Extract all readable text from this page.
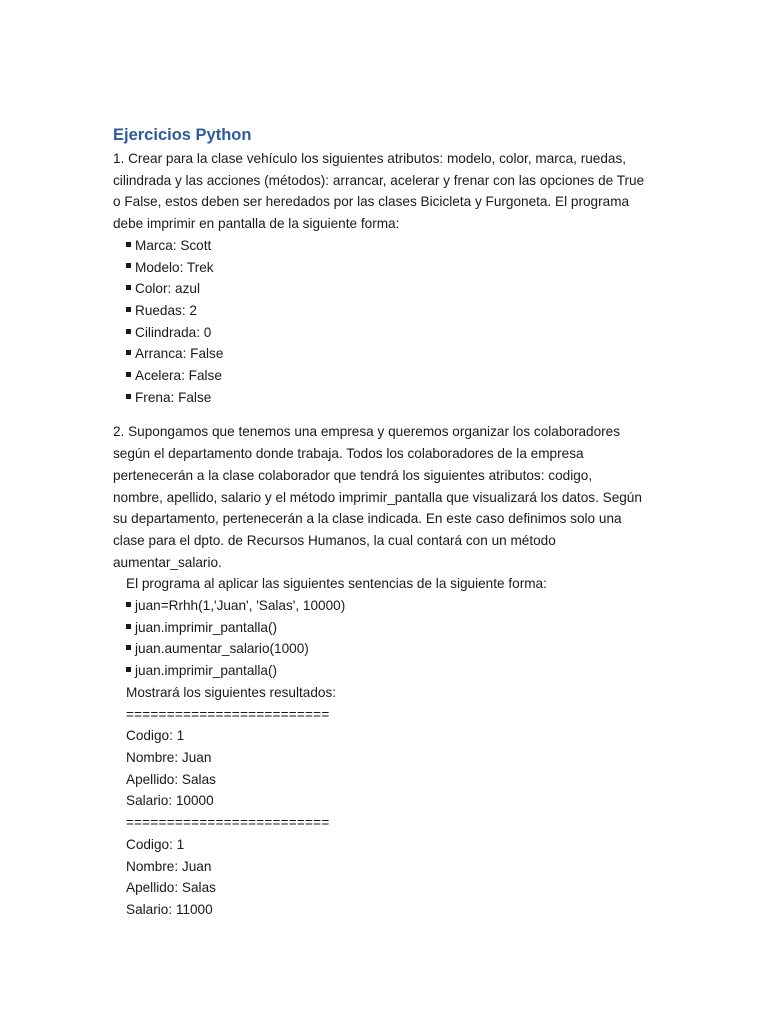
Ejercicios Python
1. Crear para la clase vehículo los siguientes atributos: modelo, color, marca, ruedas,
cilindrada y las acciones (métodos): arrancar, acelerar y frenar con las opciones de True
o False, estos deben ser heredados por las clases Bicicleta y Furgoneta. El programa
debe imprimir en pantalla de la siguiente forma:
Marca: Scott
Modelo: Trek
Color: azul
Ruedas: 2
Cilindrada: 0
Arranca: False
Acelera: False
Frena: False
2. Supongamos que tenemos una empresa y queremos organizar los colaboradores
según el departamento donde trabaja. Todos los colaboradores de la empresa
pertenecerán a la clase colaborador que tendrá los siguientes atributos: codigo,
nombre, apellido, salario y el método imprimir_pantalla que visualizará los datos. Según
su departamento, pertenecerán a la clase indicada. En este caso definimos solo una
clase para el dpto. de Recursos Humanos, la cual contará con un método
aumentar_salario.
El programa al aplicar las siguientes sentencias de la siguiente forma:
juan=Rrhh(1,'Juan', 'Salas', 10000)
juan.imprimir_pantalla()
juan.aumentar_salario(1000)
juan.imprimir_pantalla()
Mostrará los siguientes resultados:
=========================
Codigo: 1
Nombre: Juan
Apellido: Salas
Salario: 10000
=========================
Codigo: 1
Nombre: Juan
Apellido: Salas
Salario: 11000
